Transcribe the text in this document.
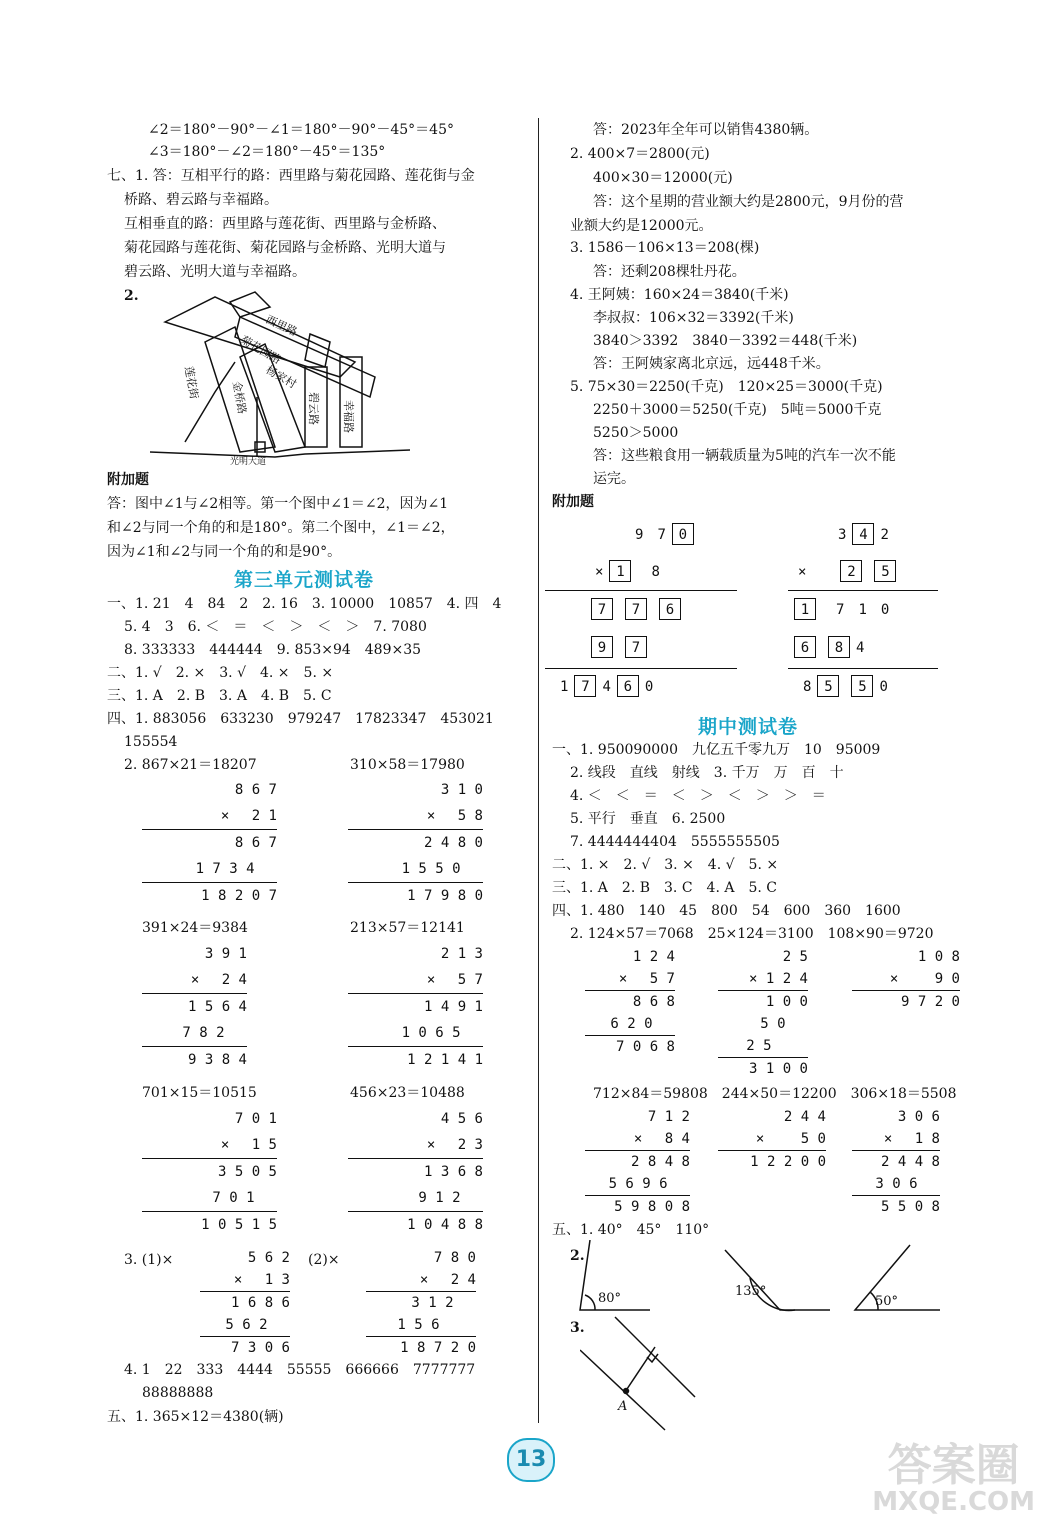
∠2＝180°－90°－∠1＝180°－90°－45°＝45°
∠3＝180°－∠2＝180°－45°＝135°
七、1. 答：互相平行的路：西里路与菊花园路、莲花街与金
桥路、碧云路与幸福路。
互相垂直的路：西里路与莲花街、西里路与金桥路、
菊花园路与莲花街、菊花园路与金桥路、光明大道与
碧云路、光明大道与幸福路。
2.
西里路
菊花园路
莲花街	金桥路
杨家村
碧云路 幸福路
光明大道
附加题
答：图中∠1与∠2相等。第一个图中∠1＝∠2，因为∠1
和∠2与同一个角的和是180°。第二个图中，∠1＝∠2，
因为∠1和∠2与同一个角的和是90°。
第三单元测试卷
一、1. 21　4　84　2　2. 16　3. 10000　10857　4. 四　4
5. 4　3　6. ＜　＝　＜　＞　＜　＞　7. 7080
8. 333333　444444　9. 853×94　489×35
二、1. √　2. ×　3. √　4. ×　5. ×
三、1. A　2. B　3. A　4. B　5. C
四、1. 883056　633230　979247　17823347　453021
155554
2. 867×21＝18207	310×58＝17980
8 6 7
× 　2 1
8 6 7
1 7 3 4 　
1 8 2 0 7
3 1 0
× 　5 8
2 4 8 0
1 5 5 0 　
1 7 9 8 0
391×24＝9384	213×57＝12141
3 9 1
× 　2 4
1 5 6 4
7 8 2 　
9 3 8 4
2 1 3
× 　5 7
1 4 9 1
1 0 6 5 　
1 2 1 4 1
701×15＝10515	456×23＝10488
7 0 1
× 　1 5
3 5 0 5
7 0 1 　
1 0 5 1 5
4 5 6
× 　2 3
1 3 6 8
9 1 2 　
1 0 4 8 8
3. (1)×	5 6 2
× 　1 3
1 6 8 6
5 6 2 　
7 3 0 6
(2)×	7 8 0
× 　2 4
3 1 2 　
1 5 6 　　
1 8 7 2 0
4. 1　22　333　4444　55555　666666　7777777
88888888
五、1. 365×12＝4380(辆)
答：2023年全年可以销售4380辆。
2. 400×7＝2800(元)
400×30＝12000(元)
答：这个星期的营业额大约是2800元，9月份的营
业额大约是12000元。
3. 1586－106×13＝208(棵)
答：还剩208棵牡丹花。
4. 王阿姨：160×24＝3840(千米)
李叔叔：106×32＝3392(千米)
3840＞3392　3840－3392＝448(千米)
答：王阿姨家离北京远，远448千米。
5. 75×30＝2250(千克)　120×25＝3000(千克)
2250＋3000＝5250(千克)　5吨＝5000千克
5250＞5000
答：这些粮食用一辆载质量为5吨的汽车一次不能
运完。
附加题
9　 7 0
× 1　 8
7 7 6
9 7
1 7 4 6 0
3 4 2
×　　	2 5
1　 7　 1　 0
6 8 4
8 5 5 0
期中测试卷
一、1. 950090000　九亿五千零九万　10　95009
2. 线段　直线　射线　3. 千万　万　百　十
4. ＜　＜　＝　＜　＞　＜　＞　＞　＝
5. 平行　垂直　6. 2500
7. 4444444404　5555555505
二、1. ×　2. √　3. ×　4. √　5. ×
三、1. A　2. B　3. C　4. A　5. C
四、1. 480　140　45　800　54　600　360　1600
2. 124×57＝7068　25×124＝3100　108×90＝9720
1 2 4
× 　5 7
8 6 8
6 2 0 　
7 0 6 8
2 5
× 1 2 4
1 0 0
5 0 　
2 5 　　
3 1 0 0
1 0 8
× 　　9 0
9 7 2 0
712×84＝59808　244×50＝12200　306×18＝5508
7 1 2
× 　8 4
2 8 4 8
5 6 9 6 　
5 9 8 0 8
2 4 4
× 　　5 0
1 2 2 0 0
3 0 6
× 　1 8
2 4 4 8
3 0 6 　
5 5 0 8
五、1. 40°　45°　110°
2.
80°	135°
50°
3.
A
13	答案圈
MXQE.COM
